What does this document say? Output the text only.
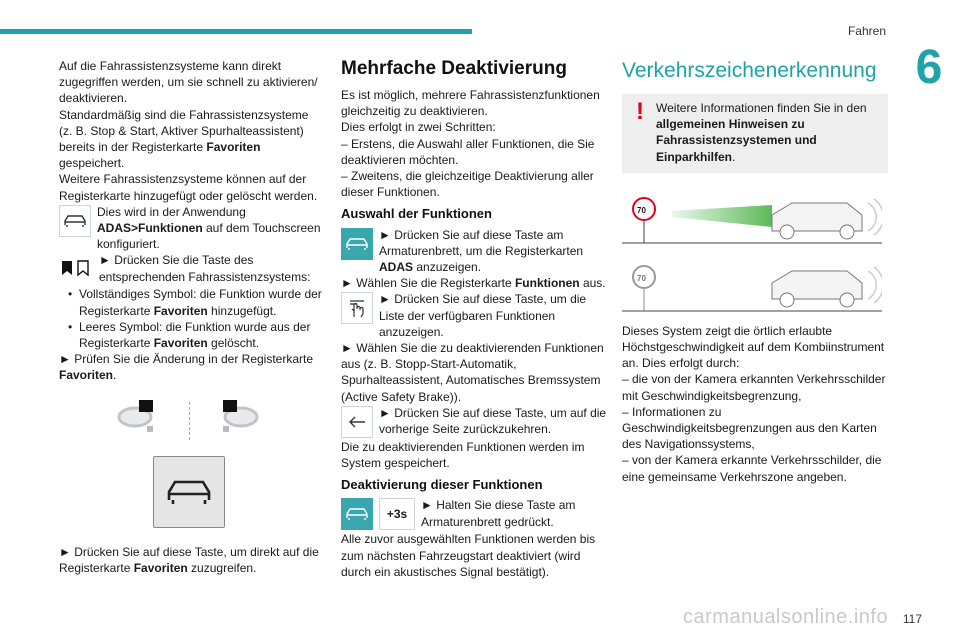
Fahren
6

Auf die Fahrassistenzsysteme kann direkt zugegriffen werden, um sie schnell zu aktivieren/ deaktivieren.

Standardmäßig sind die Fahrassistenzsysteme (z. B. Stop & Start, Aktiver Spurhalteassistent) bereits in der Registerkarte Favoriten gespeichert.

Weitere Fahrassistenzsysteme können auf der Registerkarte hinzugefügt oder gelöscht werden.

Dies wird in der Anwendung ADAS>Funktionen auf dem Touchscreen konfiguriert.

► Drücken Sie die Taste des entsprechenden Fahrassistenzsystems:

• Vollständiges Symbol: die Funktion wurde der Registerkarte Favoriten hinzugefügt.
• Leeres Symbol: die Funktion wurde aus der Registerkarte Favoriten gelöscht.

► Prüfen Sie die Änderung in der Registerkarte Favoriten.

► Drücken Sie auf diese Taste, um direkt auf die Registerkarte Favoriten zuzugreifen.

Mehrfache Deaktivierung

Es ist möglich, mehrere Fahrassistenzfunktionen gleichzeitig zu deaktivieren.

Dies erfolgt in zwei Schritten:

– Erstens, die Auswahl aller Funktionen, die Sie deaktivieren möchten.

– Zweitens, die gleichzeitige Deaktivierung aller dieser Funktionen.

Auswahl der Funktionen

► Drücken Sie auf diese Taste am Armaturenbrett, um die Registerkarten ADAS anzuzeigen.

► Wählen Sie die Registerkarte Funktionen aus.

► Drücken Sie auf diese Taste, um die Liste der verfügbaren Funktionen anzuzeigen.

► Wählen Sie die zu deaktivierenden Funktionen aus (z. B. Stopp-Start-Automatik, Spurhalteassistent, Automatisches Bremssystem (Active Safety Brake)).

► Drücken Sie auf diese Taste, um auf die vorherige Seite zurückzukehren.

Die zu deaktivierenden Funktionen werden im System gespeichert.

Deaktivierung dieser Funktionen
+3s

► Halten Sie diese Taste am Armaturenbrett gedrückt.

Alle zuvor ausgewählten Funktionen werden bis zum nächsten Fahrzeugstart deaktiviert (wird durch ein akustisches Signal bestätigt).

Verkehrszeichenerkennung
! Weitere Informationen finden Sie in den allgemeinen Hinweisen zu Fahrassistenzsystemen und Einparkhilfen.

70
70

Dieses System zeigt die örtlich erlaubte Höchstgeschwindigkeit auf dem Kombiinstrument an. Dies erfolgt durch:

– die von der Kamera erkannten Verkehrsschilder mit Geschwindigkeitsbegrenzung,

– Informationen zu Geschwindigkeitsbegrenzungen aus den Karten des Navigationssystems,

– von der Kamera erkannte Verkehrsschilder, die eine gemeinsame Verkehrszone angeben.

carmanualsonline.info 117
